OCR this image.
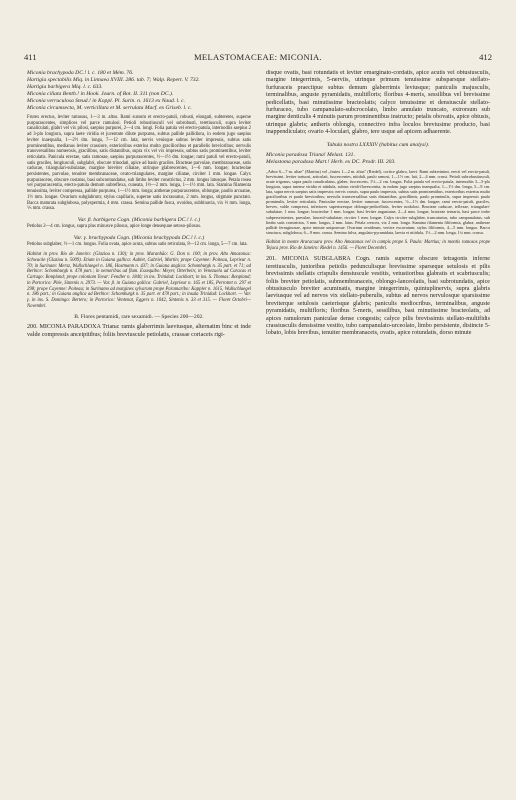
411	MELASTOMACEAE: MICONIA.	412

Miconia brachypoda DC.! l. c. 180 et Mém. 76.

Hartigia spectabilis Miq. in Linnaea XVIII. 286. tab. 7; Walp. Repert. V. 732.

Hartigia barbigera Miq. l. c. 633.

Miconia ciliata Benth.! in Hook. Journ. of Bot. II. 311 (non DC.).

Miconia verruculosa Steud.! in Koppl. Pl. Surin. n. 1613 ex Naud. l. c.

Miconia circumsecta, M. verticillata et M. serrulata Macf. ex Griseb. l. c.

Frutex erectus, leviter ramosus, 1—3 m. altus. Rami sursum et erecto-patuli, robusti, elongati, subteretes, superne purpurascentes, simplices vel parce ramulosi. Petioli robustiusculi vel subrobusti, teretiusculi, supra leviter canaliculati, glabri vel vix pilosi, saepius purpurei, 2—4 cm. longi. Folia patula vel erecto-patula, internodiis saepius 2 ad 3-plo longiora, supra laete viridia et juventute dilute purpurea, subtus pallide pallidiora, in eodem jugo saepius leviter inaequalia, 1—2½ dm. longa, 7—12 cm. lata; nervis venisque subtus leviter impressis, subtus satis prominentibus, medianus leviter crassiore, exterioribus exterius multo gracilioribus et parallelis brevioribus; nervulis transversalibus numerosis, gracilibus, satis distantibus, supra vix vel vix impressis, subtus satis prominentibus, leviter reticulatis. Panicula erectae, satis ramosae, saepius purpurascentes, ½—1½ dm. longae; rami patuli vel erecto-patuli, satis graciles, longiusculi, subglabri, obscure trinodati, apice ad basin graciles. Bracteae parvulae, membranaceae, satis caducae, triangulari-subulatae, margine breviter ciliatae, utrinque glabrescentes, 1—6 mm. longae; bracteolae persistentes, parvulae, tenuiter membranaceae, ovato-triangulares, margine ciliatae, circiter 1 mm. longae. Calyx purpurascens, obscure costatus, basi subcontundatus, sub limbo leviter constrictus, 2 mm. longus latusque. Petala rosea vel purpurascentia, erecto-patula demum subreflexa, cuneata, 1⅓—2 mm. longa, 1—1½ mm. lata. Stamina filamenta tenuissima, leviter compressa, pallide purpurea, 1—1½ mm. longa; antherae purpurascentes, oblongae, paullo arcuatae, 1½ mm. longae. Ovarium subglabrum; stylus capillaris, superne satis incrassatus, 2 mm. longus, stigmate punctato. Bacca maturata subglobosa, polyspermia, 4 mm. crassa. Semina pallide fusca, ovoidea, subbinavia, vix ⅓ mm. longa, ⅕ mm. crassa.

Var. β. barbigera Cogn. (Miconia barbigera DC.! l. c.)

Petiolus 2—4 cm. longus, supra plus minusve pilosus, apice longe densequue setoso-pilosus.

Var. γ. brachypoda Cogn. (Miconia brachypoda DC.! l. c.)

Petiolus subglaber, ½—1 cm. longus. Folia ovata, apice acuta, subtus satis reticulata, 8—12 cm. longa, 5—7 cm. lata.

Habitat in prov. Rio de Janeiro: (Glaziou n. 130); in prov. Maranhão: G. Don n. 100; in prov. Alto Amazonas: Schwacke (Glaziou n. 5009). Etiam in Guiana gallica: Aublet, Gabriel, Martin; prope Cayenne: Poiteau, Leprieur n. 70; in Surinam: Mersz, Wullschlaegel n. 186, Hostmann n. 437; in Guiana anglica: Schomburgk n. 35 part. et 71; ad Berbice: Schomburgk n. 478 part.; in nemoribus ad flum. Essequibo: Meyer, Otterbein; in Venezuela ad Caracas et Cartago: Bonpland; prope coloniam Tovar: Fendler n. 1840; in ins. Trinidad: Lockhart; in ins. S. Thomas: Bonpland; in Portorico: Plée, Sintenis n. 2973. — Var. β. in Guiana gallica: Gabriel, Leprieur n. 165 et 185, Perrottet n. 297 et 298; prope Cayenne: Poiteau; in Surinamo ad margines sylvarum prope Paramaribo: Kappler n. 1615, Wullschlaegel n. 186 part.; in Guiana anglica ad Berbice: Schomburgk n. 35 part. et 478 part.; in insula Trinidad: Lockhart. — Var. γ. in ins. S. Domingo: Bertero; in Portorico: Ventenat, Eggers n. 1042, Sintenis n. 33 et 315. — Floret Octobri—Novembri.

B. Flores pentamidi, rare sexamidi. — Species 200—202.

200. MICONIA PARADOXA Triana: ramis glaberrimis laeviusque, alternatim binc et inde valde compressis anceipitibus; foliis breviuscule petiolatis, crassae coriaceis rigi-

disque ovatis, basi rotundatis et leviter emarginato-cordatis, apice acutis vel obtusiusculis, margine integerrimis, 5-nerviis, utrinque primum tenuissime subsparsque stellato-furfuraceis praeciipue subtus demum glaberrimis leviusque; paniculis majusculis, terminalibus, anguste pyramidatis, multifloris; floribus 4-meris, sessilibus vel brevissime pedicellatis, basi minutissime bracteolatis; calyce tenuissime et densiuscule stellato-furfuraceo, tubo campanulato-subcrocolato, limbo annulato truncato, extrorsum sub margine denticulis 4 minutis parum prominentibus instructo; petalis obovatis, apice obtusis, utrinque glabris; antheris oblongis, connectivo infra loculos breviusime producto, basi inappendiculato; ovario 4-loculari, glabro, tere usque ad apicem adhaerente.

Tabula nostra LXXXIV (habitus cum analysi).

Miconia paradoxa Triana! Melast. 131.

Melastoma paradoxa Mart.! Herb. ex DC. Prodr. III. 203.

„Arbor 6—7 m. altae" (Martius) vel „frutex 1—2 m. altus" (Riedel), cortice glabro, laevi. Rami subterinimi, erecti vel erecto-patuli, brevissimi, leviter tortuosi, articulati, fuscescentes, nitiduli, paulo ramosi, 1—1½ cm. lati, 2—4 mm. crassi. Petioli subrobustiusculi, acute trigonus, supra paulo canaliculatus, glaber, fuscescens, 1½—2 cm. longus. Folia patula vel erecto-patula, internodiis 3—5-plo longiora, supra intense viridia et nitidula, subtus viridi-flavescentia, in eodem jugo saepius inaequalia, 1—1½ dm. longa, 5—9 cm. lata, supra nervis saepius satis impressis; nervis crassis, supra paulo impressis, subtus satis prominentibus, exterioribus exterius multo gracilioribus et paulo brevioribus; nervulis transversalibus satis distantibus, gracillimis, paulo prominulis, supra impressis paulo prominulis, leviter reticulatis. Paniculae erectae, leviter ramosae, fuscescentes, ½—1½ dm. longae; rami erecto-patuli, graciles, breves, valde compressi, inferiores superioresque oblongo-pedicellatis, leviter nodulosi. Bracteae caducae, teflexae, triangulari-subulatae, 1 mm. longae; bracteolae 1 mm. longae, basi leviter angustatae, 2—4 mm. longae, bracteae ternaria, basi parce trobe subperseistentes, parvulae, lanceol-subulatae, circiter 1 mm. longae. Calyx circiter subglaber, truncaturius, tubo campanulatus, sub limbo satis constrictus, 3 mm. longus, 2 mm. latus. Petala crescea, vix 2 mm. longa. Stamina filamenta filiformia, glabra; antherae pallide ferruginosae, apice minute uniporosae. Ovarium ovoideum, vertice excavatum; stylus filiformis, 4—5 mm. longus. Bacca structura, subglobosa, 6—9 mm. crassa. Semina fulva, angulato-pyramidata, laevia et nitidula, 1½—2 mm. longa, 1¼ mm. crassa.

Habitat in monte Araracuara prov. Alto Amazonas vel in campis prope S. Paulo: Martius; in montis ramosos prope Tejuca prov. Rio de Janeiro: Riedel n. 1456. — Floret Decembri.

201. MICONIA SUBGLABRA Cogn. ramis superne obscure tetragonis inferne teretiusculis, junioribus petiolis pedunculisque brevissime sparseque setulosis et pilis brevissimis stellatis crispulis densiuscule vestitis, vetustioribus glabratis et scabriusculis; foliis breviter petiolatis, submembranaceis, oblongo-lanceolatis, basi subrotundatis, apice obtusiusculo breviter acuminatis, margine integerrimis, quintuplinervis, supra glabris laeviusque vel ad nervos vix stellato-puberulis, subtus ad nervos nervulosque sparsissime breviterque setulosis caeterisque glabris; paniculis mediocribus, terminalibus, anguste pyramidatis, multifloris; floribus 5-meris, sessilibus, basi minutissime bracteolatis, ad apices ramulorum paniculae dense congestis; calyce pilis brevissimis stellato-multifidis crassiusculis densissime vestito, tubo campanulato-urceolato, limbo persistente, distincte 5-lobato, lobis brevibus, tenuiter membranaceis, ovatis, apice rotundatis, dorso minute
